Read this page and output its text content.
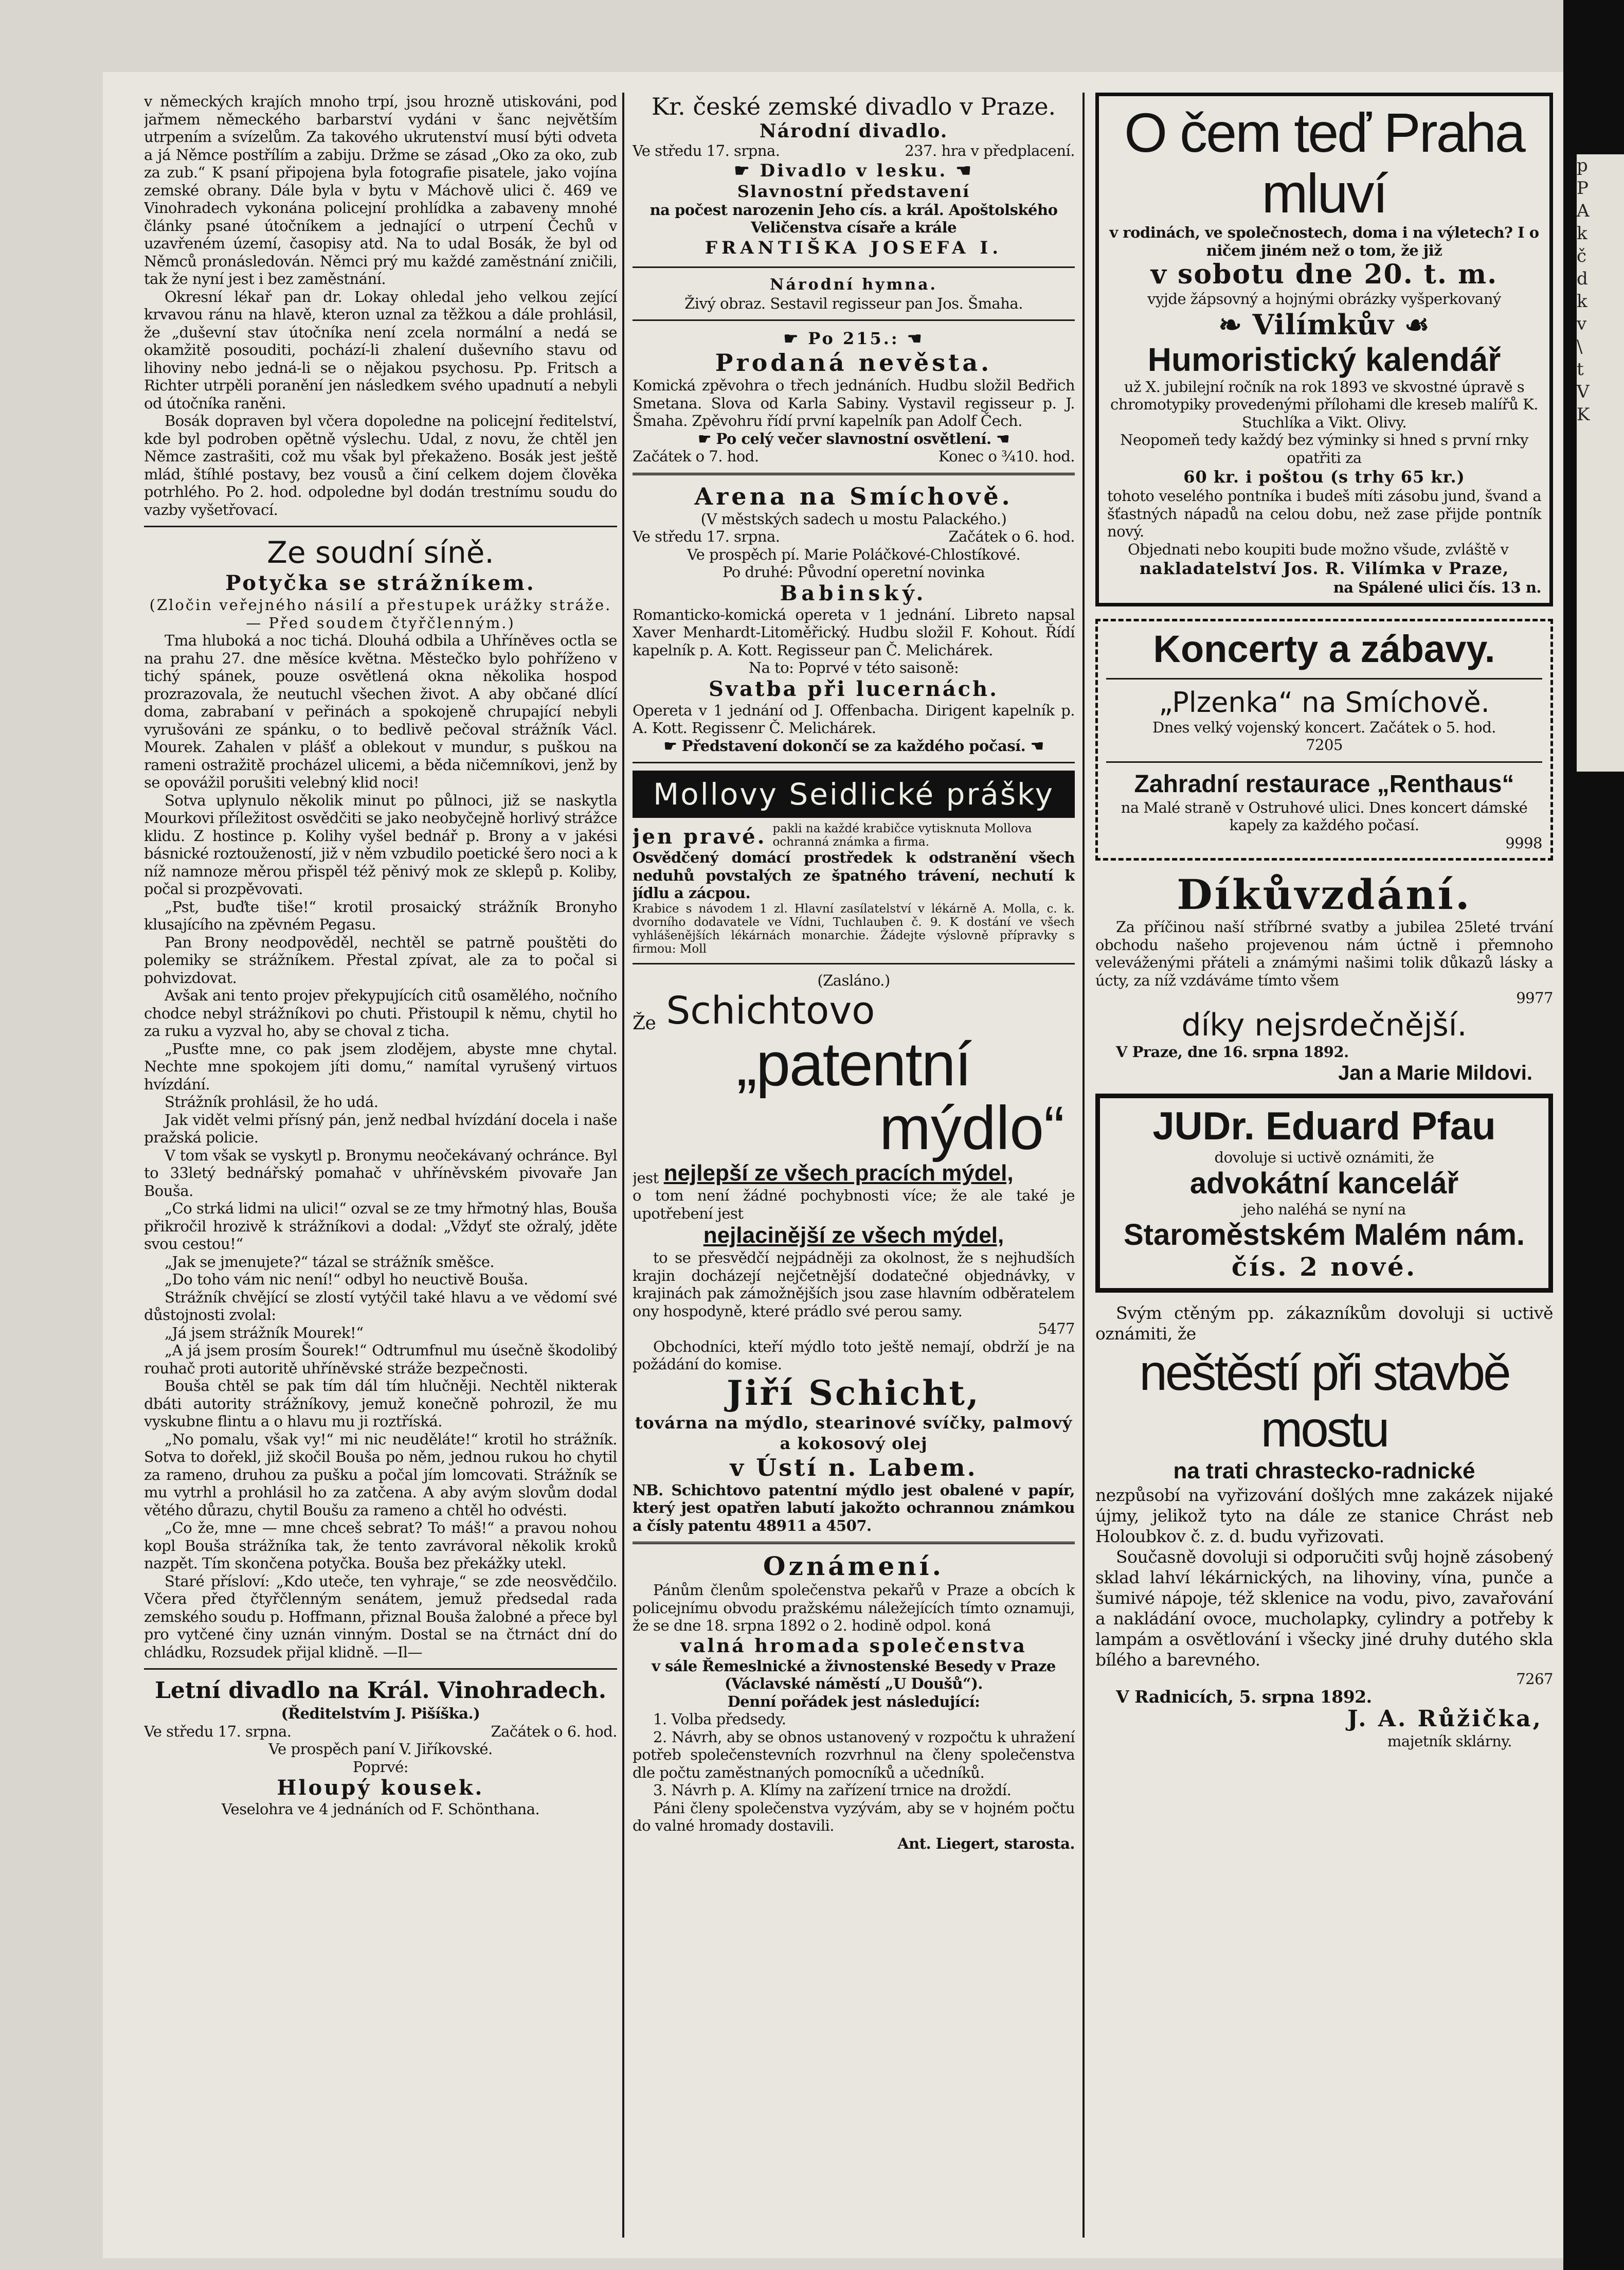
v německých krajích mnoho trpí, jsou hrozně utiskováni, pod jařmem německého barbarství vydáni v šanc největším utrpením a svízelům. Za takového ukrutenství musí býti odveta a já Němce postřílím a zabiju. Držme se zásad „Oko za oko, zub za zub.“ K psaní připojena byla fotografie pisatele, jako vojína zemské obrany. Dále byla v bytu v Máchově ulici č. 469 ve Vinohradech vykonána policejní prohlídka a zabaveny mnohé články psané útočníkem a jednající o utrpení Čechů v uzavřeném území, časopisy atd. Na to udal Bosák, že byl od Němců pronásledován. Němci prý mu každé zaměstnání zničili, tak že nyní jest i bez zaměstnání.

Okresní lékař pan dr. Lokay ohledal jeho velkou zející krvavou ránu na hlavě, kteron uznal za těžkou a dále prohlásil, že „duševní stav útočníka není zcela normální a nedá se okamžitě posouditi, pochází-li zhalení duševního stavu od lihoviny nebo jedná-li se o nějakou psychosu. Pp. Fritsch a Richter utrpěli poranění jen následkem svého upadnutí a nebyli od útočníka raněni.

Bosák dopraven byl včera dopoledne na policejní ředitelství, kde byl podroben opětně výslechu. Udal, z novu, že chtěl jen Němce zastrašiti, což mu však byl překaženo. Bosák jest ještě mlád, štíhlé postavy, bez vousů a činí celkem dojem člověka potrhlého. Po 2. hod. odpoledne byl dodán trestnímu soudu do vazby vyšetřovací.

Ze soudní síně.
Potyčka se strážníkem.

(Zločin veřejného násilí a přestupek urážky stráže. — Před soudem čtyřčlenným.)

Tma hluboká a noc tichá. Dlouhá odbila a Uhříněves octla se na prahu 27. dne měsíce května. Městečko bylo pohříženo v tichý spánek, pouze osvětlená okna několika hospod prozrazovala, že neutuchl všechen život. A aby občané dlící doma, zabrabaní v peřinách a spokojeně chrupající nebyli vyrušováni ze spánku, o to bedlivě pečoval strážník Václ. Mourek. Zahalen v plášť a oblekout v mundur, s puškou na rameni ostražitě procházel ulicemi, a běda ničemníkovi, jenž by se opovážil porušiti velebný klid noci!

Sotva uplynulo několik minut po půlnoci, již se naskytla Mourkovi příležitost osvědčiti se jako neobyčejně horlivý strážce klidu. Z hostince p. Kolihy vyšel bednář p. Brony a v jakési básnické roztoužeností, již v něm vzbudilo poetické šero noci a k níž namnoze měrou přispěl též pěnivý mok ze sklepů p. Koliby, počal si prozpěvovati.

„Pst, buďte tiše!“ krotil prosaický strážník Bronyho klusajícího na zpěvném Pegasu.

Pan Brony neodpověděl, nechtěl se patrně pouštěti do polemiky se strážníkem. Přestal zpívat, ale za to počal si pohvizdovat.

Avšak ani tento projev překypujících citů osamělého, nočního chodce nebyl strážníkovi po chuti. Přistoupil k němu, chytil ho za ruku a vyzval ho, aby se choval z ticha.

„Pusťte mne, co pak jsem zlodějem, abyste mne chytal. Nechte mne spokojem jíti domu,“ namítal vyrušený virtuos hvízdání.

Strážník prohlásil, že ho udá.

Jak vidět velmi přísný pán, jenž nedbal hvízdání docela i naše pražská policie.

V tom však se vyskytl p. Bronymu neočekávaný ochránce. Byl to 33letý bednářský pomahač v uhříněvském pivovaře Jan Bouša.

„Co strká lidmi na ulici!“ ozval se ze tmy hřmotný hlas, Bouša přikročil hrozivě k strážníkovi a dodal: „Vždyť ste ožralý, jděte svou cestou!“

„Jak se jmenujete?“ tázal se strážník směšce.

„Do toho vám nic není!“ odbyl ho neuctivě Bouša.

Strážník chvějící se zlostí vytýčil také hlavu a ve vědomí své důstojnosti zvolal:

„Já jsem strážník Mourek!“

„A já jsem prosím Šourek!“ Odtrumfnul mu úsečně škodolibý rouhač proti autoritě uhříněvské stráže bezpečnosti.

Bouša chtěl se pak tím dál tím hlučněji. Nechtěl nikterak dbáti autority strážníkovy, jemuž konečně pohrozil, že mu vyskubne flintu a o hlavu mu ji roztříská.

„No pomalu, však vy!“ mi nic neuděláte!“ krotil ho strážník. Sotva to dořekl, již skočil Bouša po něm, jednou rukou ho chytil za rameno, druhou za pušku a počal jím lomcovati. Strážník se mu vytrhl a prohlásil ho za zatčena. A aby avým slovům dodal větého důrazu, chytil Boušu za rameno a chtěl ho odvésti.

„Co že, mne — mne chceš sebrat? To máš!“ a pravou nohou kopl Bouša strážníka tak, že tento zavrávoral několik kroků nazpět. Tím skončena potyčka. Bouša bez překážky utekl.

Staré přísloví: „Kdo uteče, ten vyhraje,“ se zde neosvědčilo. Včera před čtyřčlenným senátem, jemuž předsedal rada zemského soudu p. Hoffmann, přiznal Bouša žalobné a přece byl pro vytčené činy uznán vinným. Dostal se na čtrnáct dní do chládku, Rozsudek přijal klidně. —Il—

Letní divadlo na Král. Vinohradech.
(Ředitelstvím J. Pišíška.)
Ve středu 17. srpna.	Začátek o 6. hod.
Ve prospěch paní V. Jiříkovské.
Poprvé:
Hloupý kousek.
Veselohra ve 4 jednáních od F. Schönthana.
Kr. české zemské divadlo v Praze.
Národní divadlo.
Ve středu 17. srpna.	237. hra v předplacení.
☛ Divadlo v lesku. ☚
Slavnostní představení
na počest narozenin Jeho cís. a král. Apoštolského Veličenstva císaře a krále
FRANTIŠKA JOSEFA I.
Národní hymna.
Živý obraz. Sestavil regisseur pan Jos. Šmaha.
☛ Po 215.: ☚
Prodaná nevěsta.

Komická zpěvohra o třech jednáních. Hudbu složil Bedřich Smetana. Slova od Karla Sabiny. Vystavil regisseur p. J. Šmaha. Zpěvohru řídí první kapelník pan Adolf Čech.

☛ Po celý večer slavnostní osvětlení. ☚
Začátek o 7. hod.	Konec o ¾10. hod.
Arena na Smíchově.
(V městských sadech u mostu Palackého.)
Ve středu 17. srpna.	Začátek o 6. hod.
Ve prospěch pí. Marie Poláčkové-Chlostíkové.
Po druhé: Původní operetní novinka
Babinský.

Romanticko-komická opereta v 1 jednání. Libreto napsal Xaver Menhardt-Litoměřický. Hudbu složil F. Kohout. Řídí kapelník p. A. Kott. Regisseur pan Č. Melichárek.

Na to: Poprvé v této saisoně:
Svatba při lucernách.

Opereta v 1 jednání od J. Offenbacha. Dirigent kapelník p. A. Kott. Regissenr Č. Melichárek.

☛ Představení dokončí se za každého počasí. ☚
Mollovy Seidlické prášky
jen pravé. pakli na každé krabičce vytisknuta Mollova ochranná známka a firma.

Osvědčený domácí prostředek k odstranění všech neduhů povstalých ze špatného trávení, nechutí k jídlu a zácpou.

Krabice s návodem 1 zl. Hlavní zasílatelství v lékárně A. Molla, c. k. dvorního dodavatele ve Vídni, Tuchlauben č. 9. K dostání ve všech vyhlášenějších lékárnách monarchie. Žádejte výslovně přípravky s firmou: Moll

(Zasláno.)
Že Schichtovo
„patentní
mýdlo“
jest nejlepší ze všech pracích mýdel,

o tom není žádné pochybnosti více; že ale také je upotřebení jest

nejlacinější ze všech mýdel,

to se přesvědčí nejpádněji za okolnost, že s nejhudších krajin docházejí nejčetnější dodatečné objednávky, v krajinách pak zámožnějších jsou zase hlavním odběratelem ony hospodyně, které prádlo své perou samy.

5477

Obchodníci, kteří mýdlo toto ještě nemají, obdrží je na požádání do komise.

Jiří Schicht,
továrna na mýdlo, stearinové svíčky, palmový a kokosový olej
v Ústí n. Labem.

NB. Schichtovo patentní mýdlo jest obalené v papír, který jest opatřen labutí jakožto ochrannou známkou a čísly patentu 48911 a 4507.

Oznámení.

Pánům členům společenstva pekařů v Praze a obcích k policejnímu obvodu pražskému náležejících tímto oznamuji, že se dne 18. srpna 1892 o 2. hodině odpol. koná

valná hromada společenstva

v sále Řemeslnické a živnostenské Besedy v Praze (Václavské náměstí „U Doušů“).

Denní pořádek jest následující:

1. Volba předsedy.

2. Návrh, aby se obnos ustanovený v rozpočtu k uhražení potřeb společenstevních rozvrhnul na členy společenstva dle počtu zaměstnaných pomocníků a učedníků.

3. Návrh p. A. Klímy na zařízení trnice na droždí.

Páni členy společenstva vyzývám, aby se v hojném počtu do valné hromady dostavili.

Ant. Liegert, starosta.
O čem teď Praha mluví
v rodinách, ve společnostech, doma i na výletech? I o ničem jiném než o tom, že již
v sobotu dne 20. t. m.
vyjde žápsovný a hojnými obrázky vyšperkovaný
❧ Vilímkův ☙
Humoristický kalendář

už X. jubilejní ročník na rok 1893 ve skvostné úpravě s chromotypiky provedenými přílohami dle kreseb malířů K. Stuchlíka a Vikt. Olivy.

Neopomeň tedy každý bez výminky si hned s první rnky opatřiti za

60 kr. i poštou (s trhy 65 kr.)

tohoto veselého pontníka i budeš míti zásobu jund, švand a šťastných nápadů na celou dobu, než zase přijde pontník nový.

Objednati nebo koupiti bude možno všude, zvláště v

nakladatelství Jos. R. Vilímka v Praze,
na Spálené ulici čís. 13 n.
Koncerty a zábavy.
„Plzenka“ na Smíchově.
Dnes velký vojenský koncert. Začátek o 5. hod.
7205
Zahradní restaurace „Renthaus“

na Malé straně v Ostruhové ulici. Dnes koncert dámské kapely za každého počasí.

9998
Díkůvzdání.

Za příčinou naší stříbrné svatby a jubilea 25leté trvání obchodu našeho projevenou nám úctně i přemnoho veleváženými přáteli a známými našimi tolik důkazů lásky a úcty, za níž vzdáváme tímto všem

9977
díky nejsrdečnější.
V Praze, dne 16. srpna 1892.
Jan a Marie Mildovi.
JUDr. Eduard Pfau
dovoluje si uctivě oznámiti, že
advokátní kancelář
jeho naléhá se nyní na
Staroměstském Malém nám.
čís. 2 nové.

Svým ctěným pp. zákazníkům dovoluji si uctivě oznámiti, že

neštěstí při stavbě mostu
na trati chrastecko-radnické

nezpůsobí na vyřizování došlých mne zakázek nijaké újmy, jelikož tyto na dále ze stanice Chrást neb Holoubkov č. z. d. budu vyřizovati.

Současně dovoluji si odporučiti svůj hojně zásobený sklad lahví lékárnických, na lihoviny, vína, punče a šumivé nápoje, též sklenice na vodu, pivo, zavařování a nakládání ovoce, mucholapky, cylindry a potřeby k lampám a osvětlování i všecky jiné druhy dutého skla bílého a barevného.

7267
V Radnicích, 5. srpna 1892.
J. A. Růžička,
majetník sklárny.
p
P
A
k
č
d
k
v
\
t
V
K
